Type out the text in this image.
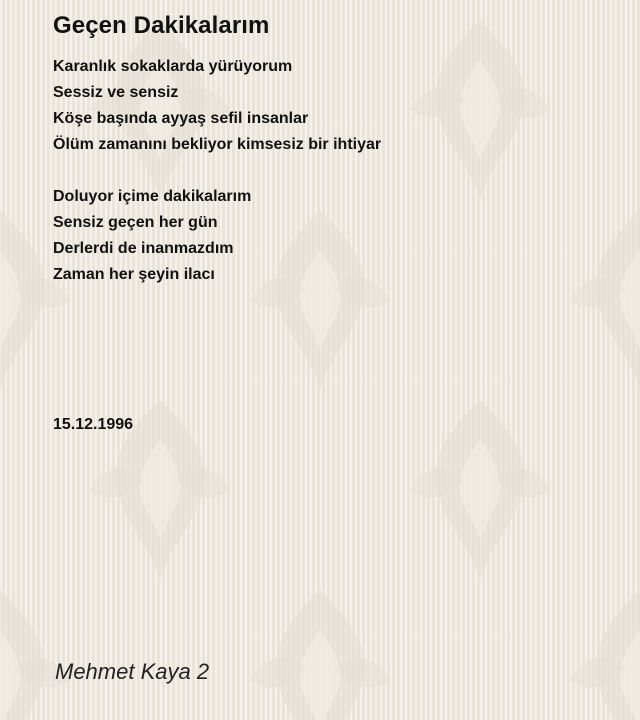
Geçen Dakikalarım
Karanlık sokaklarda yürüyorum
Sessiz ve sensiz
Köşe başında ayyaş sefil insanlar
Ölüm zamanını bekliyor kimsesiz bir ihtiyar
Doluyor içime dakikalarım
Sensiz geçen her gün
Derlerdi de inanmazdım
Zaman her şeyin ilacı
15.12.1996
Mehmet Kaya 2
